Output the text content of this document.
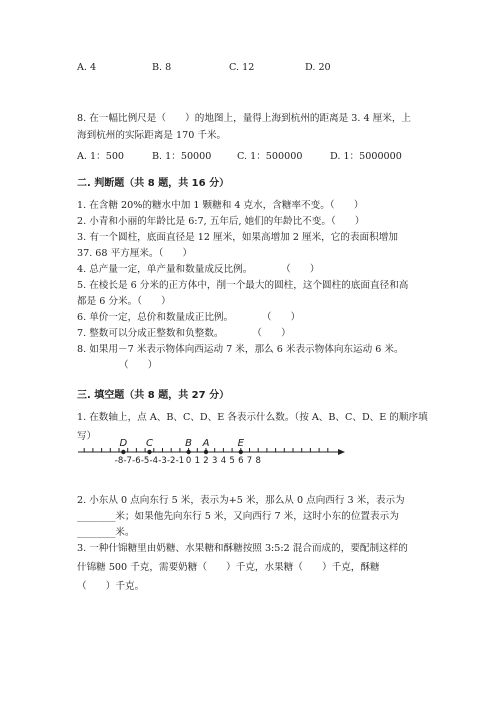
A. 4	B. 8	C. 12	D. 20
8. 在一幅比例尺是（　　）的地图上，量得上海到杭州的距离是 3. 4 厘米，上
海到杭州的实际距离是 170 千米。
A. 1：500	B. 1：50000	C. 1：500000	D. 1：5000000
二. 判断题（共 8 题，共 16 分）
1. 在含糖 20%的糖水中加 1 颗糖和 4 克水，含糖率不变。（　　）
2. 小青和小丽的年龄比是 6:7, 五年后, 她们的年龄比不变。（　　）
3. 有一个圆柱，底面直径是 12 厘米，如果高增加 2 厘米，它的表面积增加
37. 68 平方厘米。（　　）
4. 总产量一定，单产量和数量成反比例。　　　　（　　）
5. 在棱长是 6 分米的正方体中，削一个最大的圆柱，这个圆柱的底面直径和高
都是 6 分米。（　　）
6. 单价一定，总价和数量成正比例。　　　　（　　）
7. 整数可以分成正整数和负整数。　　　　（　　）
8. 如果用－7 米表示物体向西运动 7 米，那么 6 米表示物体向东运动 6 米。
（　　）
三. 填空题（共 8 题，共 27 分）
1. 在数轴上，点 A、B、C、D、E 各表示什么数。（按 A、B、C、D、E 的顺序填
写）
-8 -7 -6 -5 -4 -3 -2 -1 0 1 2 3 4 5 6 7 8
D C	B A	E
2. 小东从 0 点向东行 5 米，表示为+5 米，那么从 0 点向西行 3 米，表示为
________米；如果他先向东行 5 米，又向西行 7 米，这时小东的位置表示为
________米。
3. 一种什锦糖里由奶糖、水果糖和酥糖按照 3:5:2 混合而成的，要配制这样的
什锦糖 500 千克，需要奶糖（　　）千克，水果糖（　　）千克，酥糖
（　　）千克。
